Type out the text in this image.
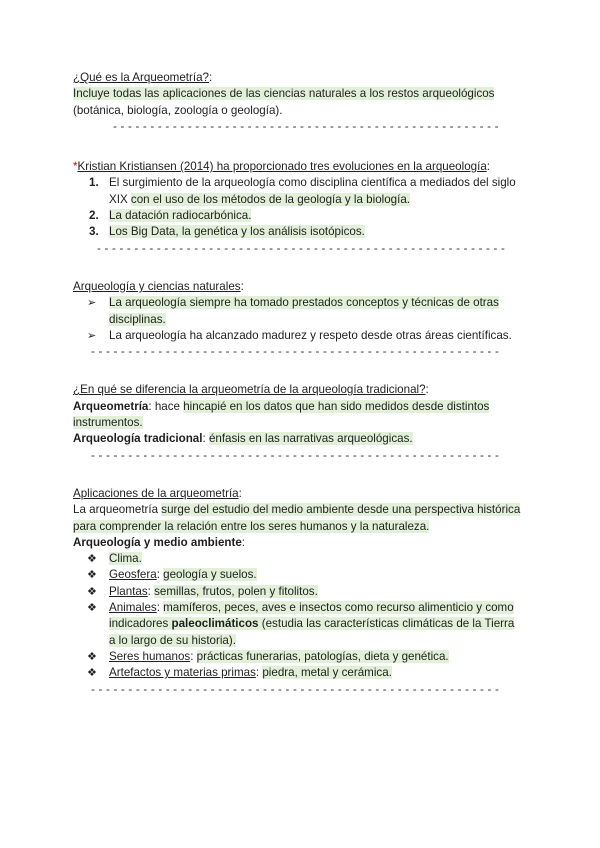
¿Qué es la Arqueometría?:

Incluye todas las aplicaciones de las ciencias naturales a los restos arqueológicos

(botánica, biología, zoología o geología).

- - - - - - - - - - - - - - - - - - - - - - - - - - - - - - - - - - - - - - - - - - - - - - - - - - - -

*Kristian Kristiansen (2014) ha proporcionado tres evoluciones en la arqueología:

1. El surgimiento de la arqueología como disciplina científica a mediados del siglo XIX con el uso de los métodos de la geología y la biología.
2. La datación radiocarbónica.
3. Los Big Data, la genética y los análisis isotópicos.

- - - - - - - - - - - - - - - - - - - - - - - - - - - - - - - - - - - - - - - - - - - - - - - - - - - - - - -

Arqueología y ciencias naturales:

➢ La arqueología siempre ha tomado prestados conceptos y técnicas de otras disciplinas.
➢ La arqueología ha alcanzado madurez y respeto desde otras áreas científicas.

- - - - - - - - - - - - - - - - - - - - - - - - - - - - - - - - - - - - - - - - - - - - - - - - - - - - - - -

¿En qué se diferencia la arqueometría de la arqueología tradicional?:

Arqueometría: hace hincapié en los datos que han sido medidos desde distintos instrumentos.

Arqueología tradicional: énfasis en las narrativas arqueológicas.

- - - - - - - - - - - - - - - - - - - - - - - - - - - - - - - - - - - - - - - - - - - - - - - - - - - - - - -

Aplicaciones de la arqueometría:

La arqueometría surge del estudio del medio ambiente desde una perspectiva histórica para comprender la relación entre los seres humanos y la naturaleza.

Arqueología y medio ambiente:

❖ Clima.
❖ Geosfera: geología y suelos.
❖ Plantas: semillas, frutos, polen y fitolitos.
❖ Animales: mamíferos, peces, aves e insectos como recurso alimenticio y como indicadores paleoclimáticos (estudia las características climáticas de la Tierra a lo largo de su historia).
❖ Seres humanos: prácticas funerarias, patologías, dieta y genética.
❖ Artefactos y materias primas: piedra, metal y cerámica.

- - - - - - - - - - - - - - - - - - - - - - - - - - - - - - - - - - - - - - - - - - - - - - - - - - - - - - -
